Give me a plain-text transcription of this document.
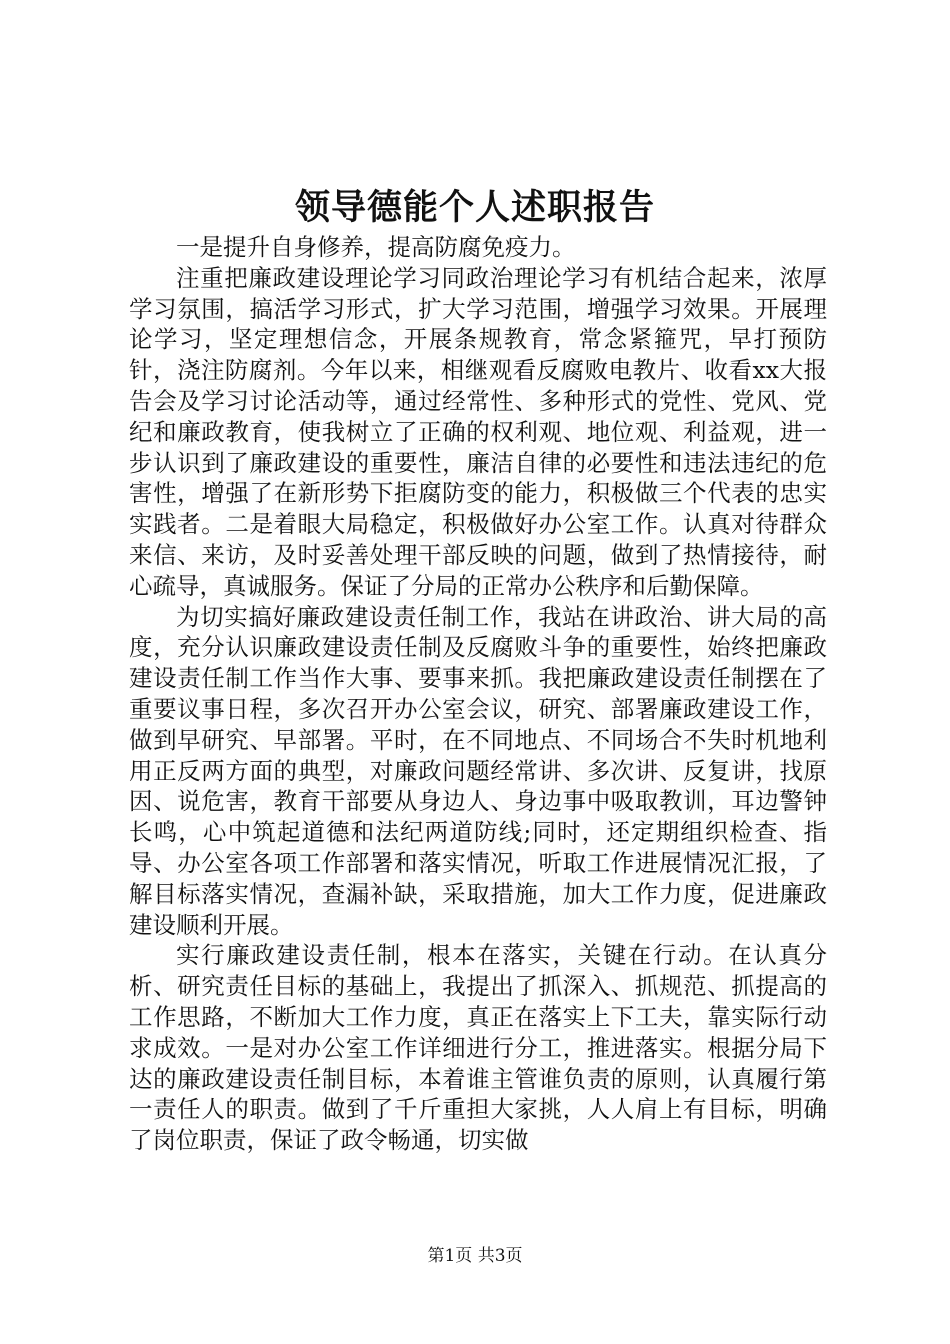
领导德能个人述职报告

一是提升自身修养，提高防腐免疫力。

注重把廉政建设理论学习同政治理论学习有机结合起来，浓厚学习氛围，搞活学习形式，扩大学习范围，增强学习效果。开展理论学习，坚定理想信念，开展条规教育，常念紧箍咒，早打预防针，浇注防腐剂。今年以来，相继观看反腐败电教片、收看xx大报告会及学习讨论活动等，通过经常性、多种形式的党性、党风、党纪和廉政教育，使我树立了正确的权利观、地位观、利益观，进一步认识到了廉政建设的重要性，廉洁自律的必要性和违法违纪的危害性，增强了在新形势下拒腐防变的能力，积极做三个代表的忠实实践者。二是着眼大局稳定，积极做好办公室工作。认真对待群众来信、来访，及时妥善处理干部反映的问题，做到了热情接待，耐心疏导，真诚服务。保证了分局的正常办公秩序和后勤保障。

为切实搞好廉政建设责任制工作，我站在讲政治、讲大局的高度，充分认识廉政建设责任制及反腐败斗争的重要性，始终把廉政建设责任制工作当作大事、要事来抓。我把廉政建设责任制摆在了重要议事日程，多次召开办公室会议，研究、部署廉政建设工作，做到早研究、早部署。平时，在不同地点、不同场合不失时机地利用正反两方面的典型，对廉政问题经常讲、多次讲、反复讲，找原因、说危害，教育干部要从身边人、身边事中吸取教训，耳边警钟长鸣，心中筑起道德和法纪两道防线;同时，还定期组织检查、指导、办公室各项工作部署和落实情况，听取工作进展情况汇报，了解目标落实情况，查漏补缺，采取措施，加大工作力度，促进廉政建设顺利开展。

实行廉政建设责任制，根本在落实，关键在行动。在认真分析、研究责任目标的基础上，我提出了抓深入、抓规范、抓提高的工作思路，不断加大工作力度，真正在落实上下工夫，靠实际行动求成效。一是对办公室工作详细进行分工，推进落实。根据分局下达的廉政建设责任制目标，本着谁主管谁负责的原则，认真履行第一责任人的职责。做到了千斤重担大家挑，人人肩上有目标，明确了岗位职责，保证了政令畅通，切实做

第1页 共3页
